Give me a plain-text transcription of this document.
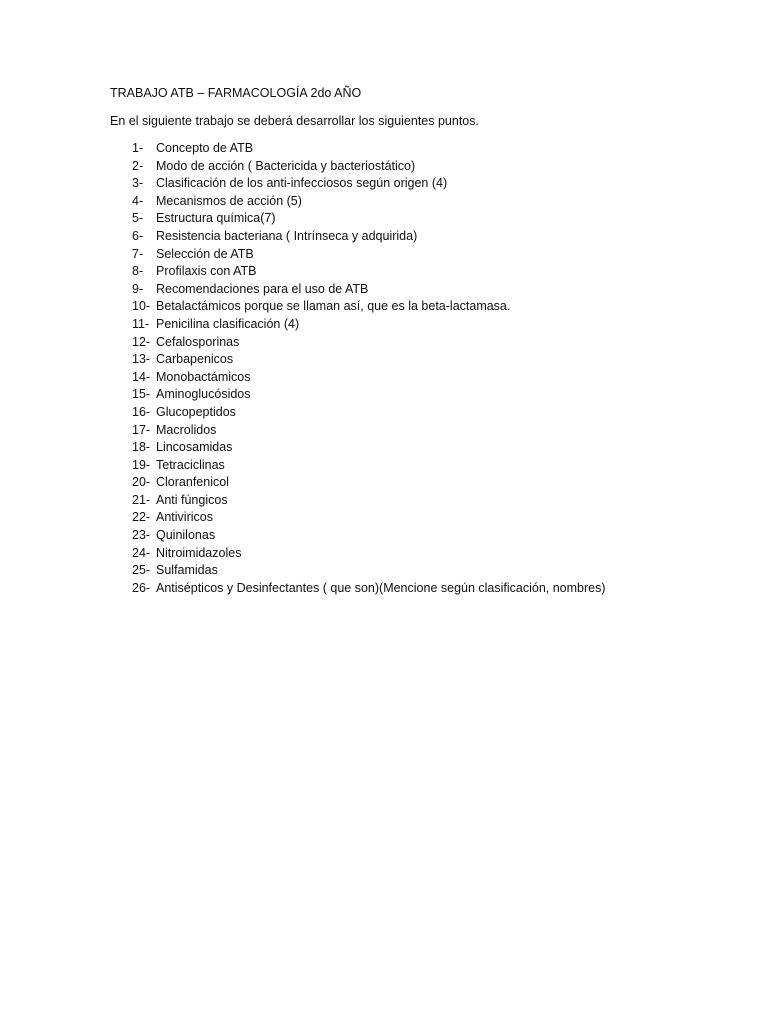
TRABAJO ATB – FARMACOLOGÍA 2do AÑO
En el siguiente trabajo se deberá desarrollar los siguientes puntos.
1- Concepto de ATB
2- Modo de acción ( Bactericida y bacteriostático)
3- Clasificación de los anti-infecciosos según origen (4)
4- Mecanismos de acción (5)
5- Estructura química(7)
6- Resistencia bacteriana ( Intrínseca y adquirida)
7- Selección de ATB
8- Profilaxis con ATB
9- Recomendaciones para el uso de ATB
10- Betalactámicos porque se llaman así, que es la beta-lactamasa.
11- Penicilina clasificación (4)
12- Cefalosporinas
13- Carbapenicos
14- Monobactámicos
15- Aminoglucósidos
16- Glucopeptidos
17- Macrolidos
18- Lincosamidas
19- Tetraciclinas
20- Cloranfenicol
21- Anti fúngicos
22- Antiviricos
23- Quinilonas
24- Nitroimidazoles
25- Sulfamidas
26- Antisépticos y Desinfectantes ( que son)(Mencione según clasificación, nombres)
